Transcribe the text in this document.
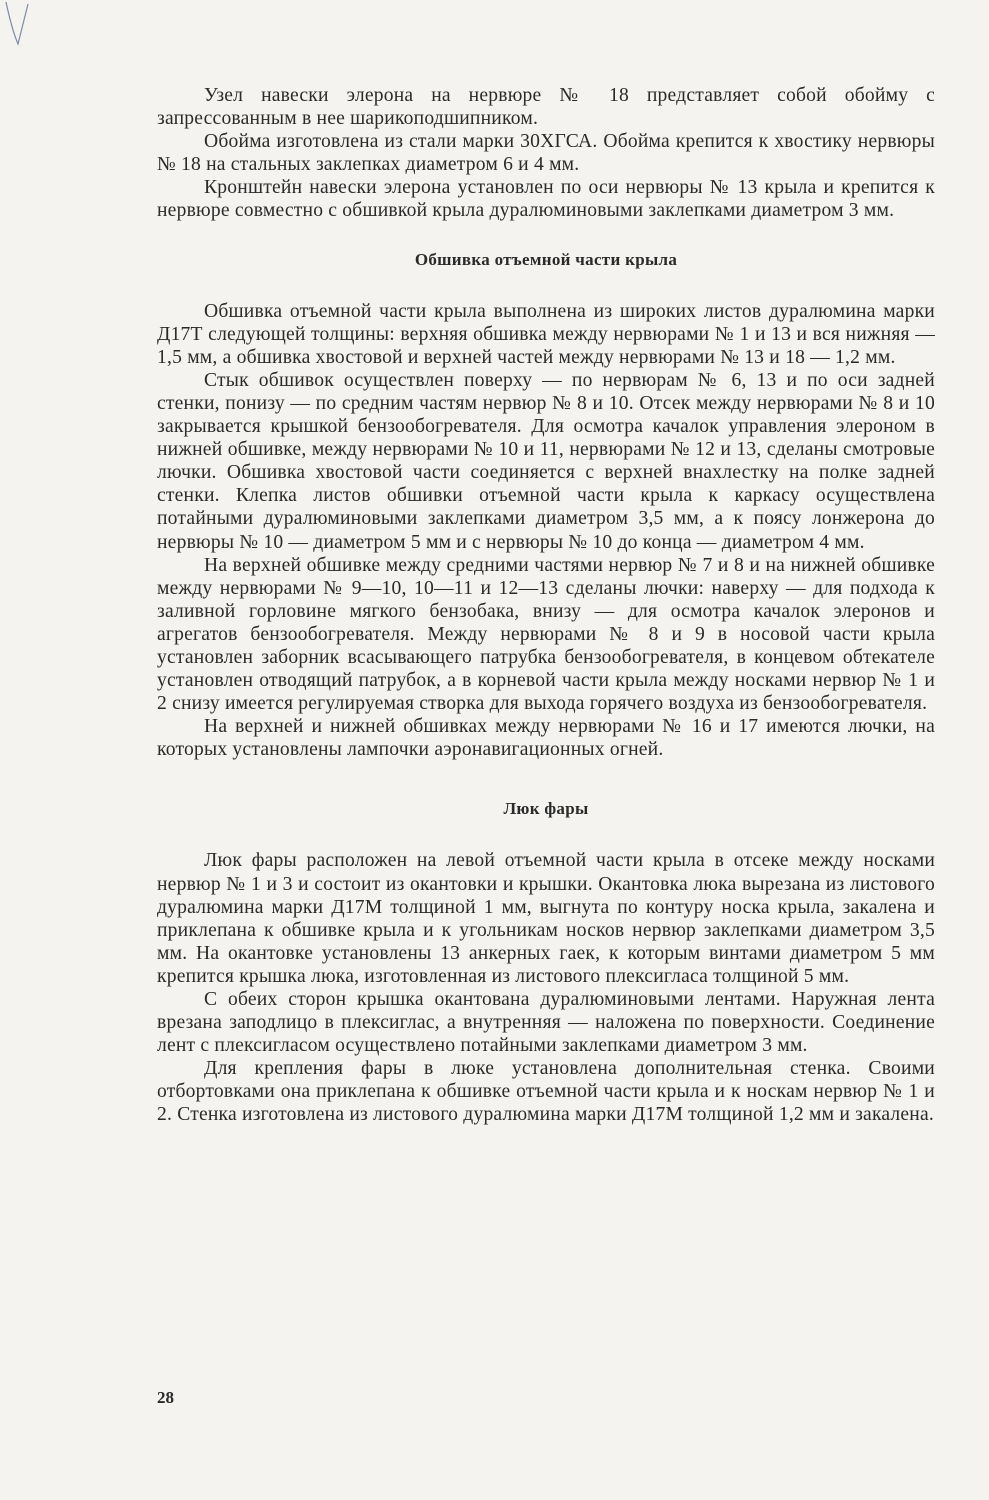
Узел навески элерона на нервюре № 18 представляет собой обойму с запрессованным в нее шарикоподшипником.

Обойма изготовлена из стали марки 30ХГСА. Обойма крепится к хвостику нервюры № 18 на стальных заклепках диаметром 6 и 4 мм.

Кронштейн навески элерона установлен по оси нервюры № 13 крыла и крепится к нервюре совместно с обшивкой крыла дуралюминовыми заклепками диаметром 3 мм.

Обшивка отъемной части крыла

Обшивка отъемной части крыла выполнена из широких листов дуралюмина марки Д17Т следующей толщины: верхняя обшивка между нервюрами № 1 и 13 и вся нижняя — 1,5 мм, а обшивка хвостовой и верхней частей между нервюрами № 13 и 18 — 1,2 мм.

Стык обшивок осуществлен поверху — по нервюрам № 6, 13 и по оси задней стенки, понизу — по средним частям нервюр № 8 и 10. Отсек между нервюрами № 8 и 10 закрывается крышкой бензообогревателя. Для осмотра качалок управления элероном в нижней обшивке, между нервюрами № 10 и 11, нервюрами № 12 и 13, сделаны смотровые лючки. Обшивка хвостовой части соединяется с верхней внахлестку на полке задней стенки. Клепка листов обшивки отъемной части крыла к каркасу осуществлена потайными дуралюминовыми заклепками диаметром 3,5 мм, а к поясу лонжерона до нервюры № 10 — диаметром 5 мм и с нервюры № 10 до конца — диаметром 4 мм.

На верхней обшивке между средними частями нервюр № 7 и 8 и на нижней обшивке между нервюрами № 9—10, 10—11 и 12—13 сделаны лючки: наверху — для подхода к заливной горловине мягкого бензобака, внизу — для осмотра качалок элеронов и агрегатов бензообогревателя. Между нервюрами № 8 и 9 в носовой части крыла установлен заборник всасывающего патрубка бензообогревателя, в концевом обтекателе установлен отводящий патрубок, а в корневой части крыла между носками нервюр № 1 и 2 снизу имеется регулируемая створка для выхода горячего воздуха из бензообогревателя.

На верхней и нижней обшивках между нервюрами № 16 и 17 имеются лючки, на которых установлены лампочки аэронавигационных огней.

Люк фары

Люк фары расположен на левой отъемной части крыла в отсеке между носками нервюр № 1 и 3 и состоит из окантовки и крышки. Окантовка люка вырезана из листового дуралюмина марки Д17М толщиной 1 мм, выгнута по контуру носка крыла, закалена и приклепана к обшивке крыла и к угольникам носков нервюр заклепками диаметром 3,5 мм. На окантовке установлены 13 анкерных гаек, к которым винтами диаметром 5 мм крепится крышка люка, изготовленная из листового плексигласа толщиной 5 мм.

С обеих сторон крышка окантована дуралюминовыми лентами. Наружная лента врезана заподлицо в плексиглас, а внутренняя — наложена по поверхности. Соединение лент с плексигласом осуществлено потайными заклепками диаметром 3 мм.

Для крепления фары в люке установлена дополнительная стенка. Своими отбортовками она приклепана к обшивке отъемной части крыла и к носкам нервюр № 1 и 2. Стенка изготовлена из листового дуралюмина марки Д17М толщиной 1,2 мм и закалена.

28
